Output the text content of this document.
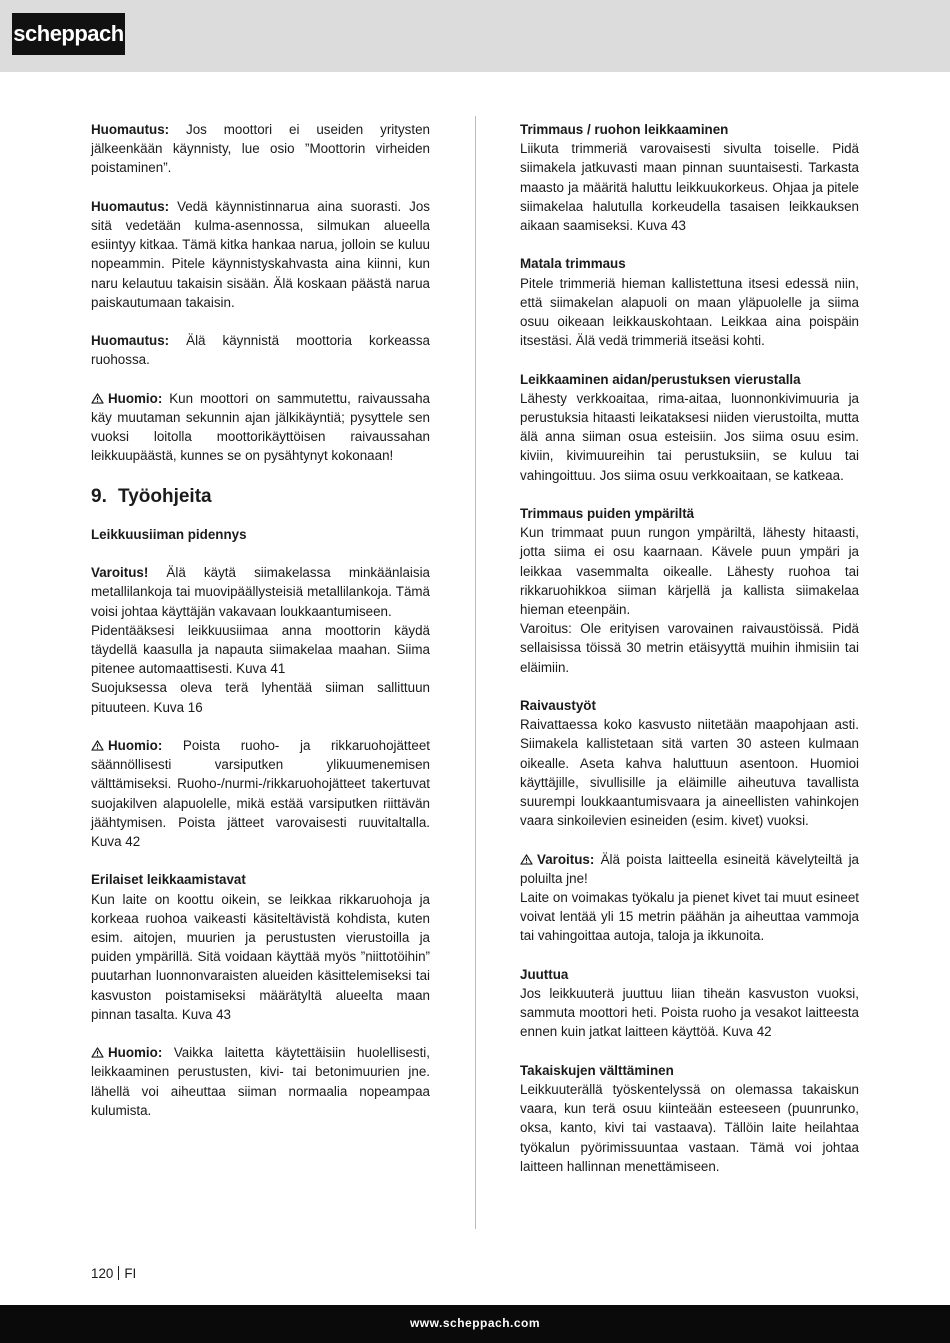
scheppach

Huomautus: Jos moottori ei useiden yritysten jälkeenkään käynnisty, lue osio ”Moottorin virheiden poistaminen”.

Huomautus: Vedä käynnistinnarua aina suorasti. Jos sitä vedetään kulma-asennossa, silmukan alueella esiintyy kitkaa. Tämä kitka hankaa narua, jolloin se kuluu nopeammin. Pitele käynnistyskahvasta aina kiinni, kun naru kelautuu takaisin sisään. Älä koskaan päästä narua paiskautumaan takaisin.

Huomautus: Älä käynnistä moottoria korkeassa ruohossa.

Huomio: Kun moottori on sammutettu, raivaussaha käy muutaman sekunnin ajan jälkikäyntiä; pysyttele sen vuoksi loitolla moottorikäyttöisen raivaussahan leikkuupäästä, kunnes se on pysähtynyt kokonaan!

9. Työohjeita
Leikkuusiiman pidennys

Varoitus! Älä käytä siimakelassa minkäänlaisia metallilankoja tai muovipäällysteisiä metallilankoja. Tämä voisi johtaa käyttäjän vakavaan loukkaantumiseen.

Pidentääksesi leikkuusiimaa anna moottorin käydä täydellä kaasulla ja napauta siimakelaa maahan. Siima pitenee automaattisesti. Kuva 41

Suojuksessa oleva terä lyhentää siiman sallittuun pituuteen. Kuva 16

Huomio: Poista ruoho- ja rikkaruohojätteet säännöllisesti varsiputken ylikuumenemisen välttämiseksi. Ruoho-/nurmi-/rikkaruohojätteet takertuvat suojakilven alapuolelle, mikä estää varsiputken riittävän jäähtymisen. Poista jätteet varovaisesti ruuvitaltalla. Kuva 42

Erilaiset leikkaamistavat

Kun laite on koottu oikein, se leikkaa rikkaruohoja ja korkeaa ruohoa vaikeasti käsiteltävistä kohdista, kuten esim. aitojen, muurien ja perustusten vierustoilla ja puiden ympärillä. Sitä voidaan käyttää myös ”niittotöihin” puutarhan luonnonvaraisten alueiden käsittelemiseksi tai kasvuston poistamiseksi määrätyltä alueelta maan pinnan tasalta. Kuva 43

Huomio: Vaikka laitetta käytettäisiin huolellisesti, leikkaaminen perustusten, kivi- tai betonimuurien jne. lähellä voi aiheuttaa siiman normaalia nopeampaa kulumista.

Trimmaus / ruohon leikkaaminen

Liikuta trimmeriä varovaisesti sivulta toiselle. Pidä siimakela jatkuvasti maan pinnan suuntaisesti. Tarkasta maasto ja määritä haluttu leikkuukorkeus. Ohjaa ja pitele siimakelaa halutulla korkeudella tasaisen leikkauksen aikaan saamiseksi. Kuva 43

Matala trimmaus

Pitele trimmeriä hieman kallistettuna itsesi edessä niin, että siimakelan alapuoli on maan yläpuolelle ja siima osuu oikeaan leikkauskohtaan. Leikkaa aina poispäin itsestäsi. Älä vedä trimmeriä itseäsi kohti.

Leikkaaminen aidan/perustuksen vierustalla

Lähesty verkkoaitaa, rima-aitaa, luonnonkivimuuria ja perustuksia hitaasti leikataksesi niiden vierustoilta, mutta älä anna siiman osua esteisiin. Jos siima osuu esim. kiviin, kivimuureihin tai perustuksiin, se kuluu tai vahingoittuu. Jos siima osuu verkkoaitaan, se katkeaa.

Trimmaus puiden ympäriltä

Kun trimmaat puun rungon ympäriltä, lähesty hitaasti, jotta siima ei osu kaarnaan. Kävele puun ympäri ja leikkaa vasemmalta oikealle. Lähesty ruohoa tai rikkaruohikkoa siiman kärjellä ja kallista siimakelaa hieman eteenpäin.

Varoitus: Ole erityisen varovainen raivaustöissä. Pidä sellaisissa töissä 30 metrin etäisyyttä muihin ihmisiin tai eläimiin.

Raivaustyöt

Raivattaessa koko kasvusto niitetään maapohjaan asti. Siimakela kallistetaan sitä varten 30 asteen kulmaan oikealle. Aseta kahva haluttuun asentoon. Huomioi käyttäjille, sivullisille ja eläimille aiheutuva tavallista suurempi loukkaantumisvaara ja aineellisten vahinkojen vaara sinkoilevien esineiden (esim. kivet) vuoksi.

Varoitus: Älä poista laitteella esineitä kävelyteiltä ja poluilta jne!

Laite on voimakas työkalu ja pienet kivet tai muut esineet voivat lentää yli 15 metrin päähän ja aiheuttaa vammoja tai vahingoittaa autoja, taloja ja ikkunoita.

Juuttua

Jos leikkuuterä juuttuu liian tiheän kasvuston vuoksi, sammuta moottori heti. Poista ruoho ja vesakot laitteesta ennen kuin jatkat laitteen käyttöä. Kuva 42

Takaiskujen välttäminen

Leikkuuterällä työskentelyssä on olemassa takaiskun vaara, kun terä osuu kiinteään esteeseen (puunrunko, oksa, kanto, kivi tai vastaava). Tällöin laite heilahtaa työkalun pyörimissuuntaa vastaan. Tämä voi johtaa laitteen hallinnan menettämiseen.

120 FI
www.scheppach.com
